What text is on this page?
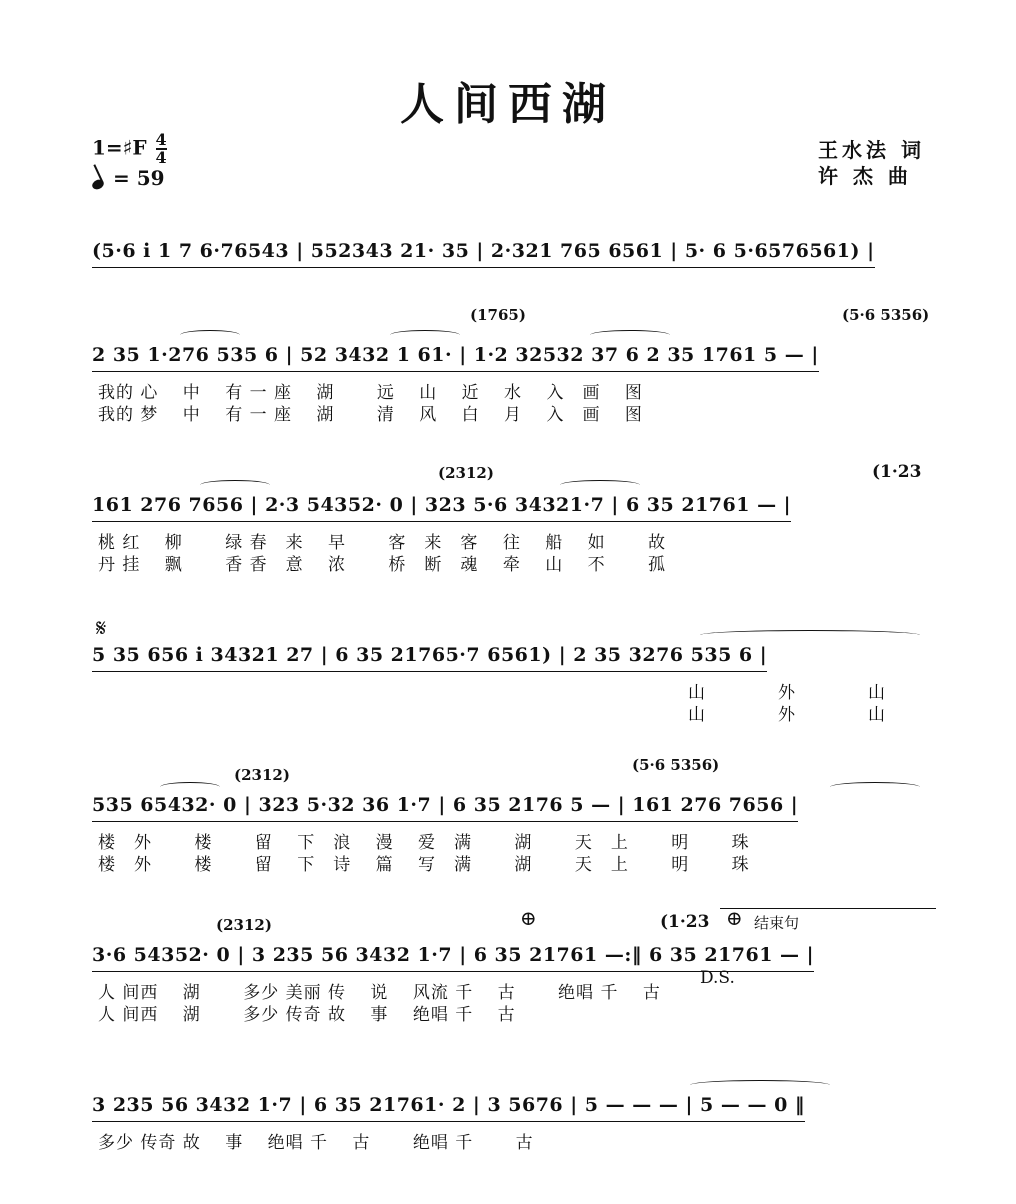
人间西湖
1=♯F $\frac{4}{4}$
= 59
王水法 词
许 杰 曲
(5·6 i 1 7 6·76543 | 552343 21· 35 | 2·321 765 6561 | 5· 6 5·6576561) |
(1765)	(5·6 5356)
2 35 1·276 535 6 | 52 3432 1 61· | 1·2 32532 37 6 2 35 1761 5 — |
我的 心　 中　 有 一 座　 湖　　 远　 山　 近　 水　 入　画　 图
我的 梦　 中　 有 一 座　 湖　　 清　 风　 白　 月　 入　画　 图
(2312)	(1·23
161 276 7656 | 2·3 54352· 0 | 323 5·6 34321·7 | 6 35 21761 — |
桃 红　 柳　　 绿 春　来　 早　　 客　来　客　 往　 船　 如　　 故
丹 挂　 飘　　 香 香　意　 浓　　 桥　断　魂　 牵　 山　 不　　 孤
𝄋
5 35 656 i 34321 27 | 6 35 21765·7 6561) | 2 35 3276 535 6 |
山　　　　外　　　　山
山　　　　外　　　　山
(2312)
(5·6 5356)
535 65432· 0 | 323 5·32 36 1·7 | 6 35 2176 5 — | 161 276 7656 |
楼　外　　 楼　　 留　 下　浪　 漫　 爱　满　　 湖　　 天　上　　 明　　 珠
楼　外　　 楼　　 留　 下　诗　 篇　 写　满　　 湖　　 天　上　　 明　　 珠
(2312)	⊕	(1·23 ⊕ 结束句
3·6 54352· 0 | 3 235 56 3432 1·7 | 6 35 21761 —:‖ 6 35 21761 — |
D.S.
人 间西　 湖　　 多少 美丽 传　 说　 风流 千　 古　　 绝唱 千　 古
人 间西　 湖　　 多少 传奇 故　 事　 绝唱 千　 古
3 235 56 3432 1·7 | 6 35 21761· 2 | 3 5676 | 5 — — — | 5 — — 0 ‖
多少 传奇 故　 事　 绝唱 千　 古　　 绝唱 千　　 古
